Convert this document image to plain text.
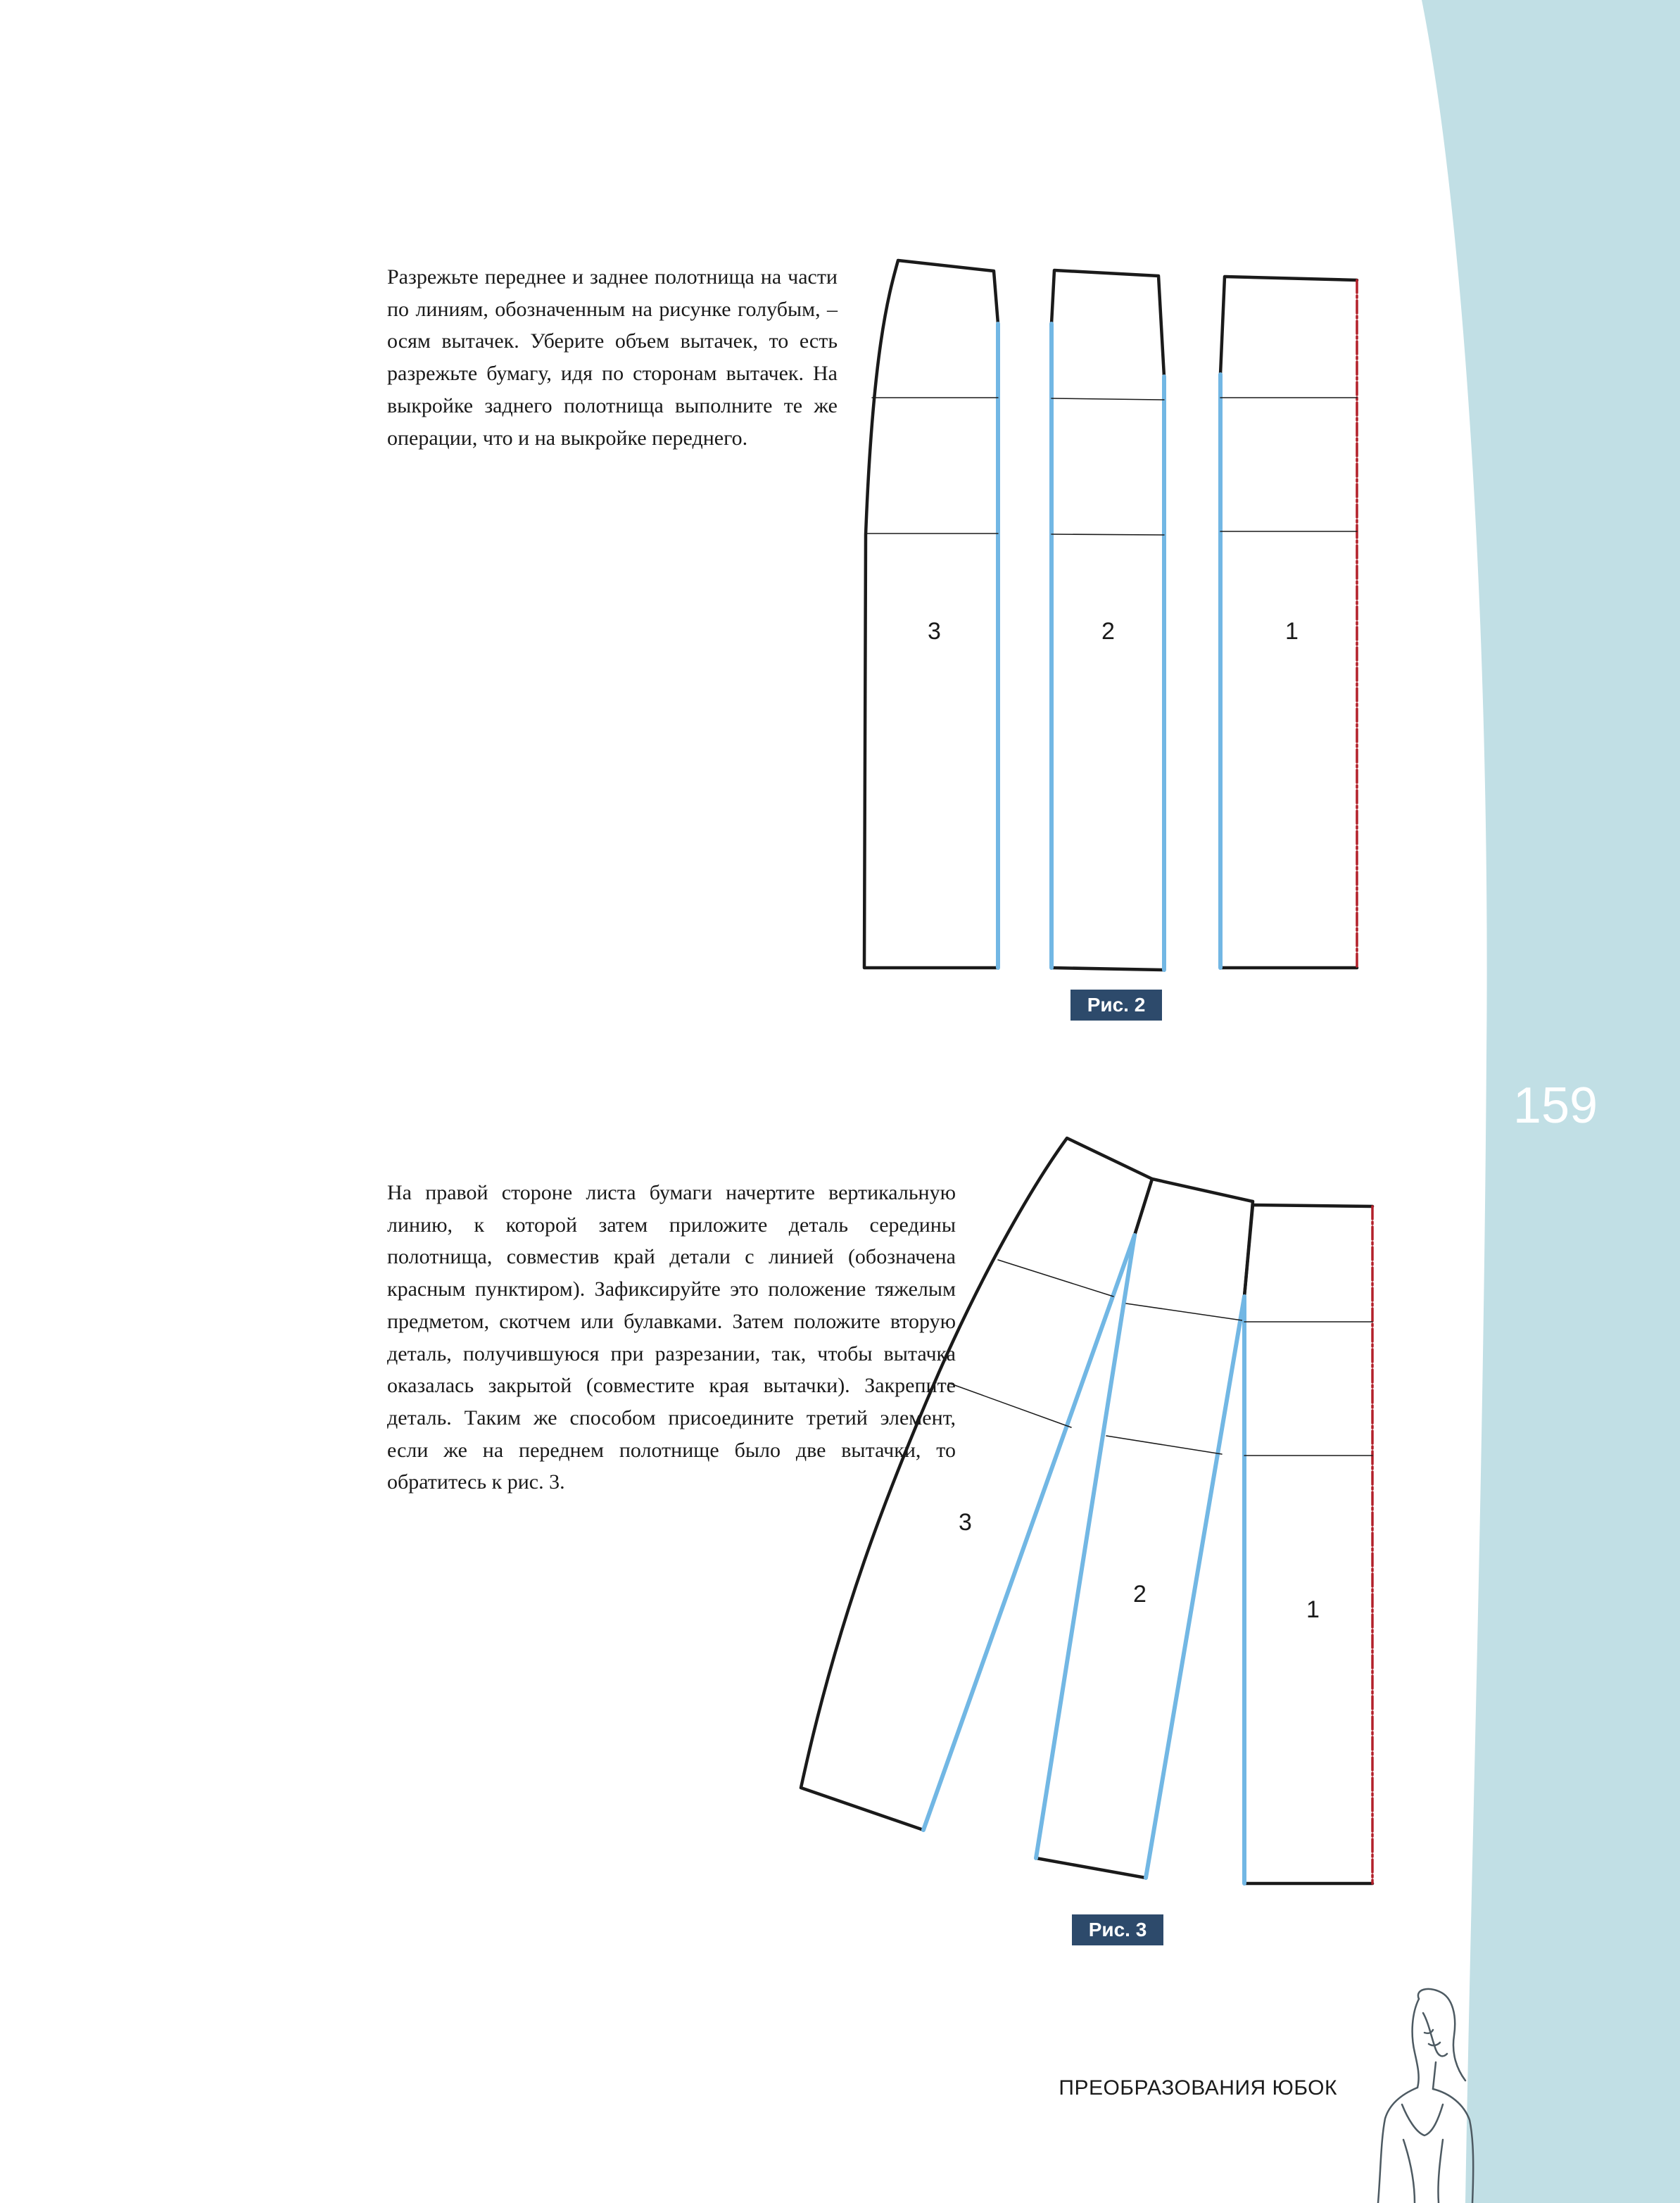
Разрежьте переднее и заднее полотнища на части по линиям, обозначенным на рисунке голубым, – осям вытачек. Уберите объем вытачек, то есть разрежьте бумагу, идя по сторонам вытачек. На выкройке заднего полотнища выполните те же операции, что и на выкройке переднего.

3	2	1
Рис. 2

На правой стороне листа бумаги начертите вертикальную линию, к которой затем приложите деталь середины полотнища, совместив край детали с линией (обозначена красным пунктиром). Зафиксируйте это положение тяжелым предметом, скотчем или булавками. Затем положите вторую деталь, получившуюся при разрезании, так, чтобы вытачка оказалась закрытой (совместите края вытачки). Закрепите деталь. Таким же способом присоедините третий элемент, если же на переднем полотнище было две вытачки, то обратитесь к рис. 3.

3
2
1
Рис. 3
159
ПРЕОБРАЗОВАНИЯ ЮБОК
